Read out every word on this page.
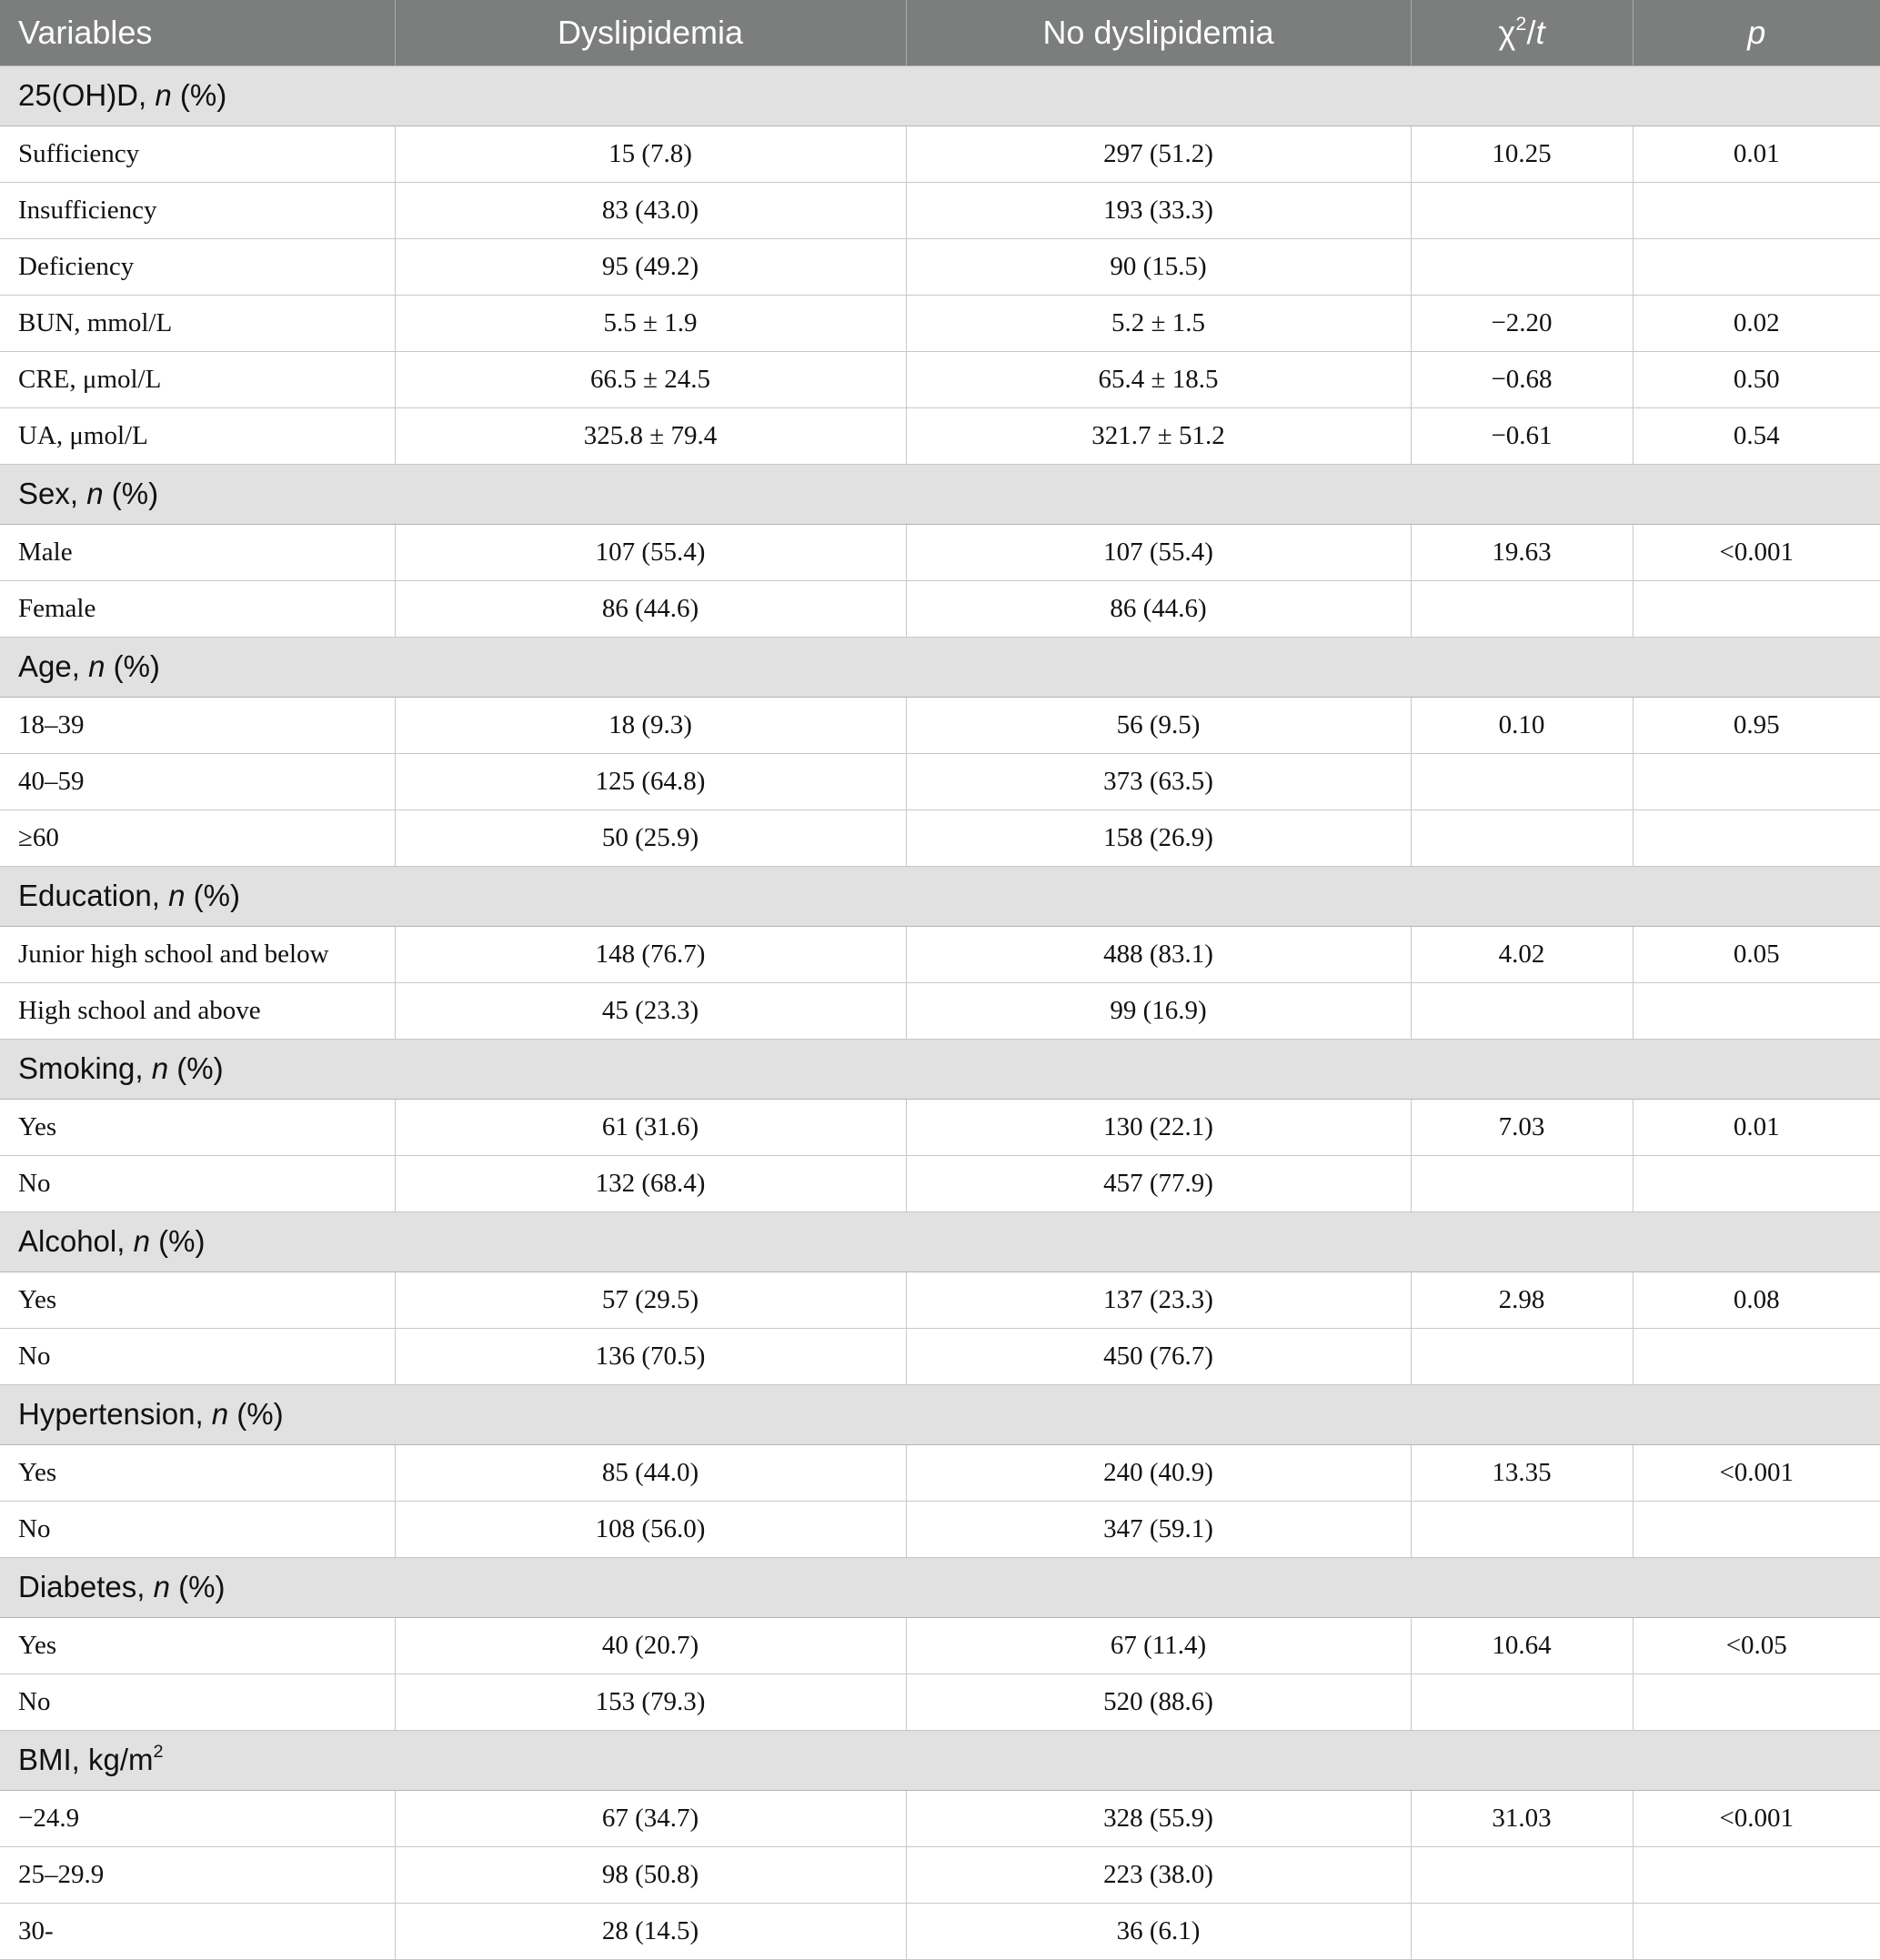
Variables	Dyslipidemia	No dyslipidemia	$\chi^2/t$	p
25(OH)D, n (%)				
Sufficiency	15 (7.8)	297 (51.2)	10.25	0.01
Insufficiency	83 (43.0)	193 (33.3)		
Deficiency	95 (49.2)	90 (15.5)		
BUN, mmol/L	5.5 ± 1.9	5.2 ± 1.5	−2.20	0.02
CRE, μmol/L	66.5 ± 24.5	65.4 ± 18.5	−0.68	0.50
UA, μmol/L	325.8 ± 79.4	321.7 ± 51.2	−0.61	0.54
Sex, n (%)				
Male	107 (55.4)	107 (55.4)	19.63	<0.001
Female	86 (44.6)	86 (44.6)		
Age, n (%)				
18–39	18 (9.3)	56 (9.5)	0.10	0.95
40–59	125 (64.8)	373 (63.5)		
≥60	50 (25.9)	158 (26.9)		
Education, n (%)				
Junior high school and below	148 (76.7)	488 (83.1)	4.02	0.05
High school and above	45 (23.3)	99 (16.9)		
Smoking, n (%)				
Yes	61 (31.6)	130 (22.1)	7.03	0.01
No	132 (68.4)	457 (77.9)		
Alcohol, n (%)				
Yes	57 (29.5)	137 (23.3)	2.98	0.08
No	136 (70.5)	450 (76.7)		
Hypertension, n (%)				
Yes	85 (44.0)	240 (40.9)	13.35	<0.001
No	108 (56.0)	347 (59.1)		
Diabetes, n (%)				
Yes	40 (20.7)	67 (11.4)	10.64	<0.05
No	153 (79.3)	520 (88.6)		
BMI, $kg/m^2$
−24.9	67 (34.7)	328 (55.9)	31.03	<0.001
25–29.9	98 (50.8)	223 (38.0)		
30-	28 (14.5)	36 (6.1)		
